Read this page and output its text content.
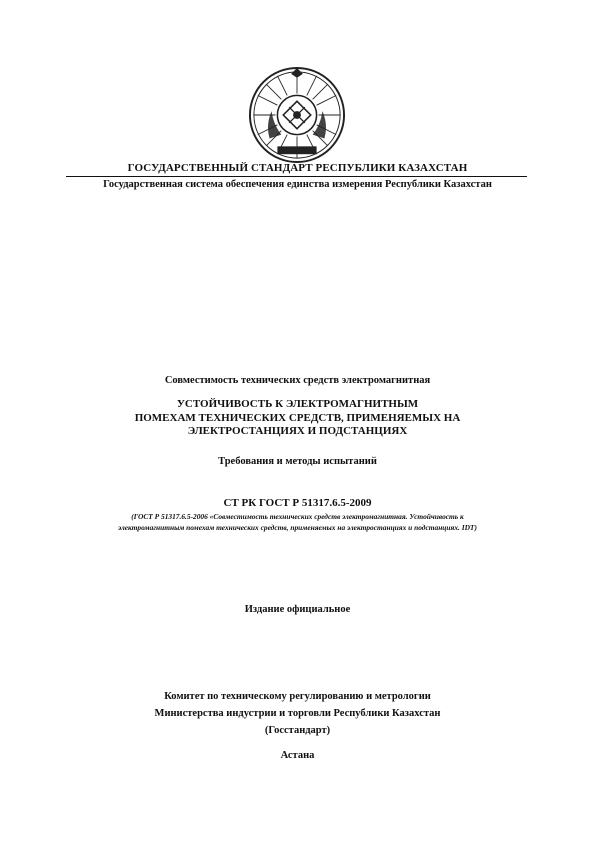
ГОСУДАРСТВЕННЫЙ СТАНДАРТ РЕСПУБЛИКИ КАЗАХСТАН
Государственная система обеспечения единства измерения Республики Казахстан
Совместимость технических средств электромагнитная
УСТОЙЧИВОСТЬ К ЭЛЕКТРОМАГНИТНЫМ
ПОМЕХАМ ТЕХНИЧЕСКИХ СРЕДСТВ, ПРИМЕНЯЕМЫХ НА
ЭЛЕКТРОСТАНЦИЯХ И ПОДСТАНЦИЯХ
Требования и методы испытаний
СТ РК ГОСТ Р 51317.6.5-2009
(ГОСТ Р 51317.6.5-2006 «Совместимость технических средств электромагнитная. Устойчивость к
электромагнитным помехам технических средств, применяемых на электростанциях и подстанциях. IDT)
Издание официальное
Комитет по техническому регулированию и метрологии
Министерства индустрии и торговли Республики Казахстан
(Госстандарт)
Астана
